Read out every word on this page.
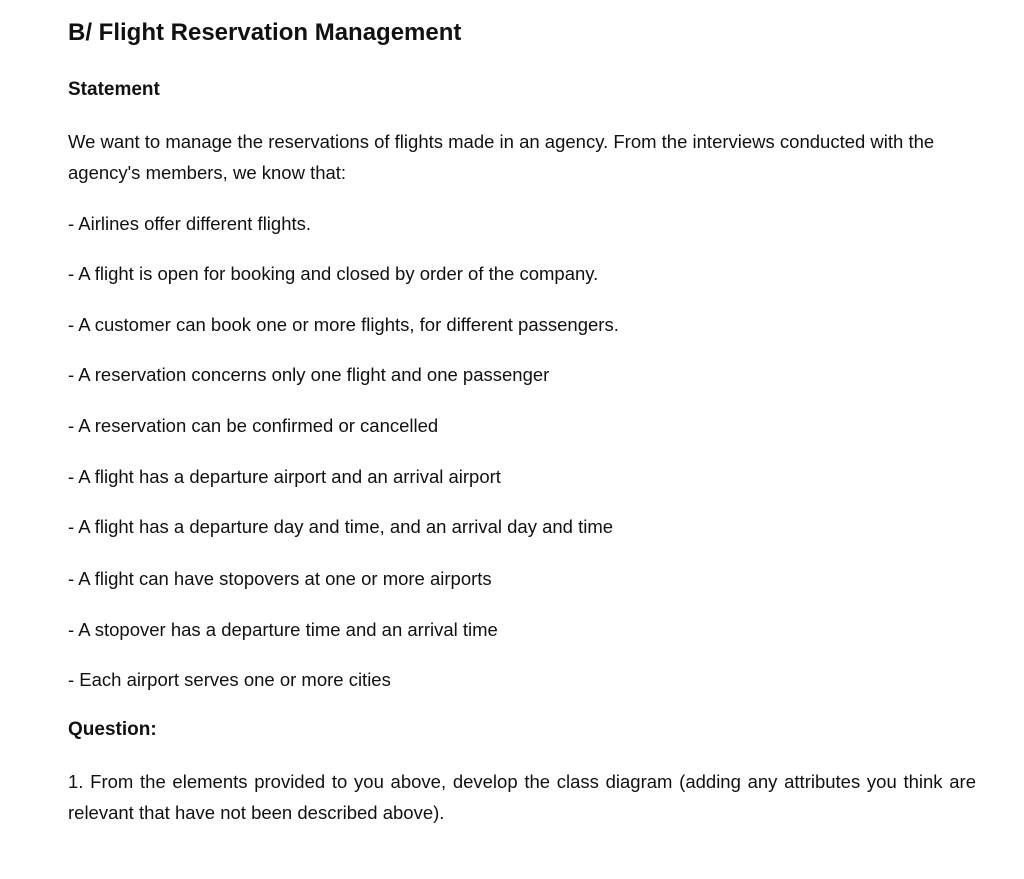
B/ Flight Reservation Management
Statement
We want to manage the reservations of flights made in an agency. From the interviews conducted with the agency's members, we know that:
- Airlines offer different flights.
- A flight is open for booking and closed by order of the company.
- A customer can book one or more flights, for different passengers.
- A reservation concerns only one flight and one passenger
- A reservation can be confirmed or cancelled
- A flight has a departure airport and an arrival airport
- A flight has a departure day and time, and an arrival day and time
- A flight can have stopovers at one or more airports
- A stopover has a departure time and an arrival time
- Each airport serves one or more cities
Question:
1. From the elements provided to you above, develop the class diagram (adding any attributes you think are relevant that have not been described above).
